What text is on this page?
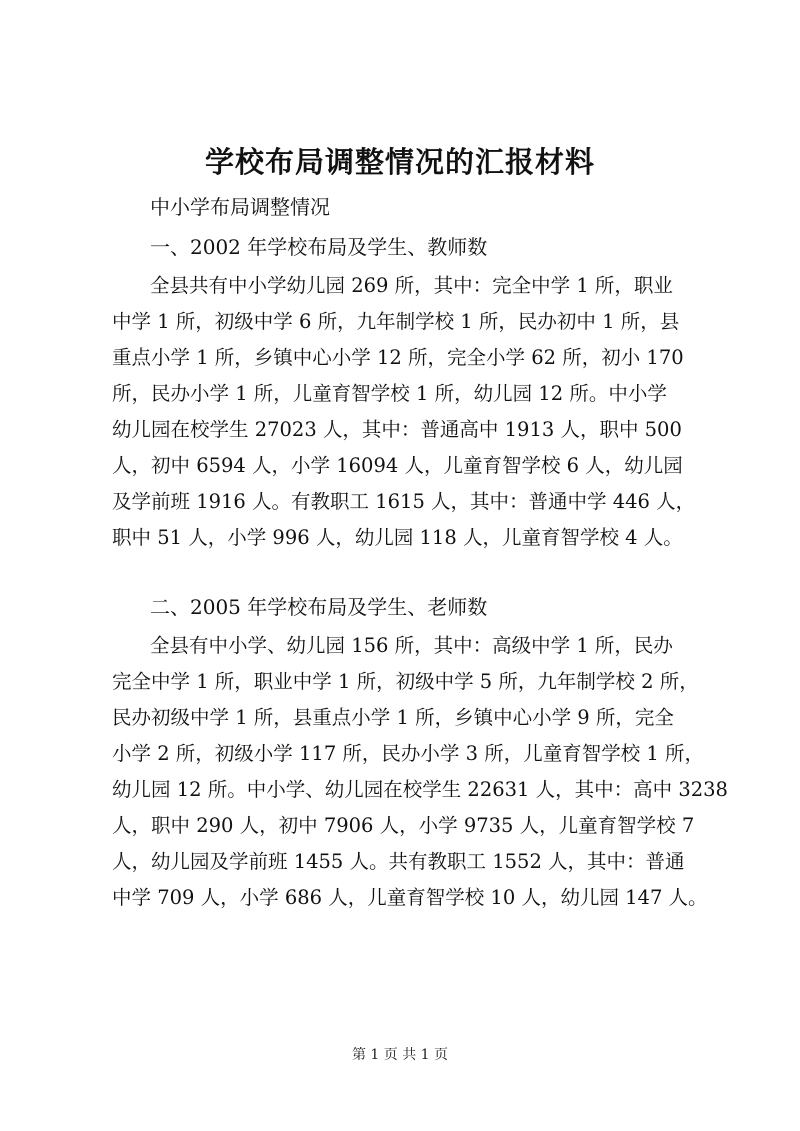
学校布局调整情况的汇报材料
中小学布局调整情况
一、2002 年学校布局及学生、教师数
全县共有中小学幼儿园 269 所，其中：完全中学 1 所，职业
中学 1 所，初级中学 6 所，九年制学校 1 所，民办初中 1 所，县
重点小学 1 所，乡镇中心小学 12 所，完全小学 62 所，初小 170
所，民办小学 1 所，儿童育智学校 1 所，幼儿园 12 所。中小学
幼儿园在校学生 27023 人，其中：普通高中 1913 人，职中 500
人，初中 6594 人，小学 16094 人，儿童育智学校 6 人，幼儿园
及学前班 1916 人。有教职工 1615 人，其中：普通中学 446 人，
职中 51 人，小学 996 人，幼儿园 118 人，儿童育智学校 4 人。
二、2005 年学校布局及学生、老师数
全县有中小学、幼儿园 156 所，其中：高级中学 1 所，民办
完全中学 1 所，职业中学 1 所，初级中学 5 所，九年制学校 2 所，
民办初级中学 1 所，县重点小学 1 所，乡镇中心小学 9 所，完全
小学 2 所，初级小学 117 所，民办小学 3 所，儿童育智学校 1 所，
幼儿园 12 所。中小学、幼儿园在校学生 22631 人，其中：高中 3238
人，职中 290 人，初中 7906 人，小学 9735 人，儿童育智学校 7
人，幼儿园及学前班 1455 人。共有教职工 1552 人，其中：普通
中学 709 人，小学 686 人，儿童育智学校 10 人，幼儿园 147 人。
第 1 页 共 1 页
